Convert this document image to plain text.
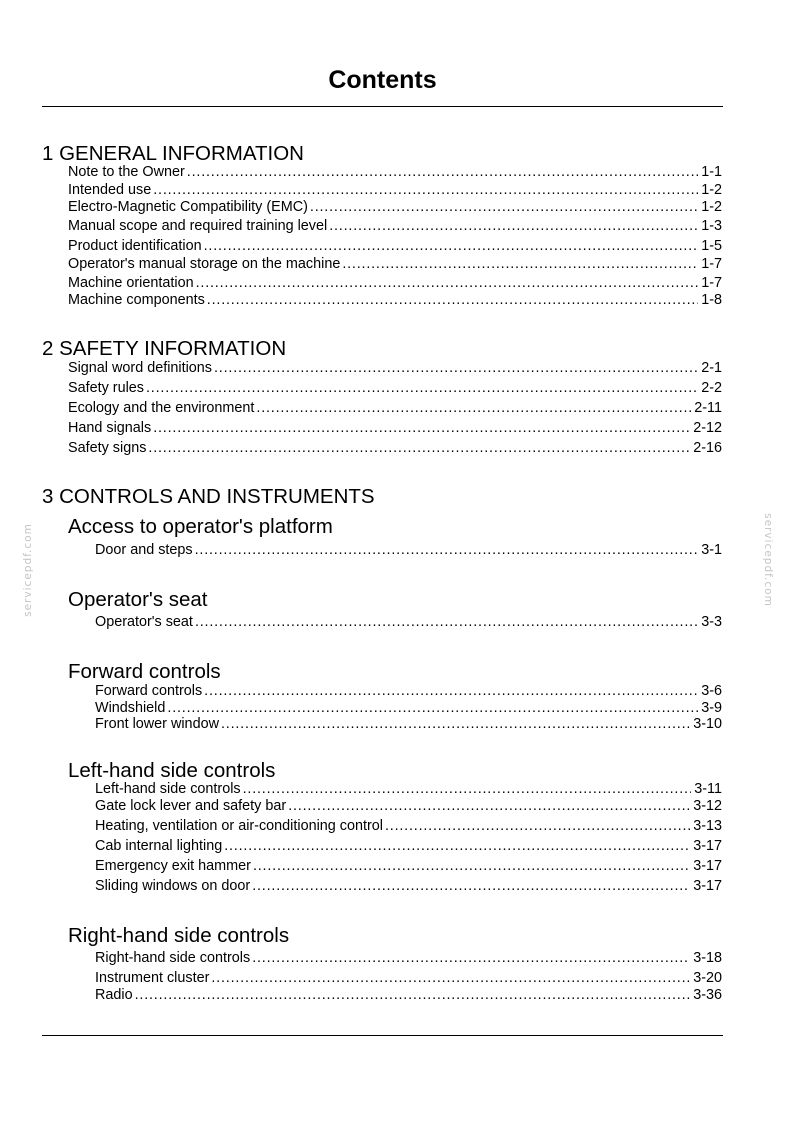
Contents
1 GENERAL INFORMATION
Note to the Owner .....	1-1
Intended use .....	1-2
Electro-Magnetic Compatibility (EMC) .....	1-2
Manual scope and required training level .....	1-3
Product identification .....	1-5
Operator's manual storage on the machine .....	1-7
Machine orientation .....	1-7
Machine components .....	1-8
2 SAFETY INFORMATION
Signal word definitions .....	2-1
Safety rules .....	2-2
Ecology and the environment .....	2-11
Hand signals .....	2-12
Safety signs .....	2-16
3 CONTROLS AND INSTRUMENTS
Access to operator's platform
Door and steps .....	3-1
Operator's seat
Operator's seat .....	3-3
Forward controls
Forward controls .....	3-6
Windshield .....	3-9
Front lower window .....	3-10
Left-hand side controls
Left-hand side controls .....	3-11
Gate lock lever and safety bar .....	3-12
Heating, ventilation or air-conditioning control .....	3-13
Cab internal lighting .....	3-17
Emergency exit hammer .....	3-17
Sliding windows on door .....	3-17
Right-hand side controls
Right-hand side controls .....	3-18
Instrument cluster .....	3-20
Radio .....	3-36
servicepdf.com	servicepdf.com
